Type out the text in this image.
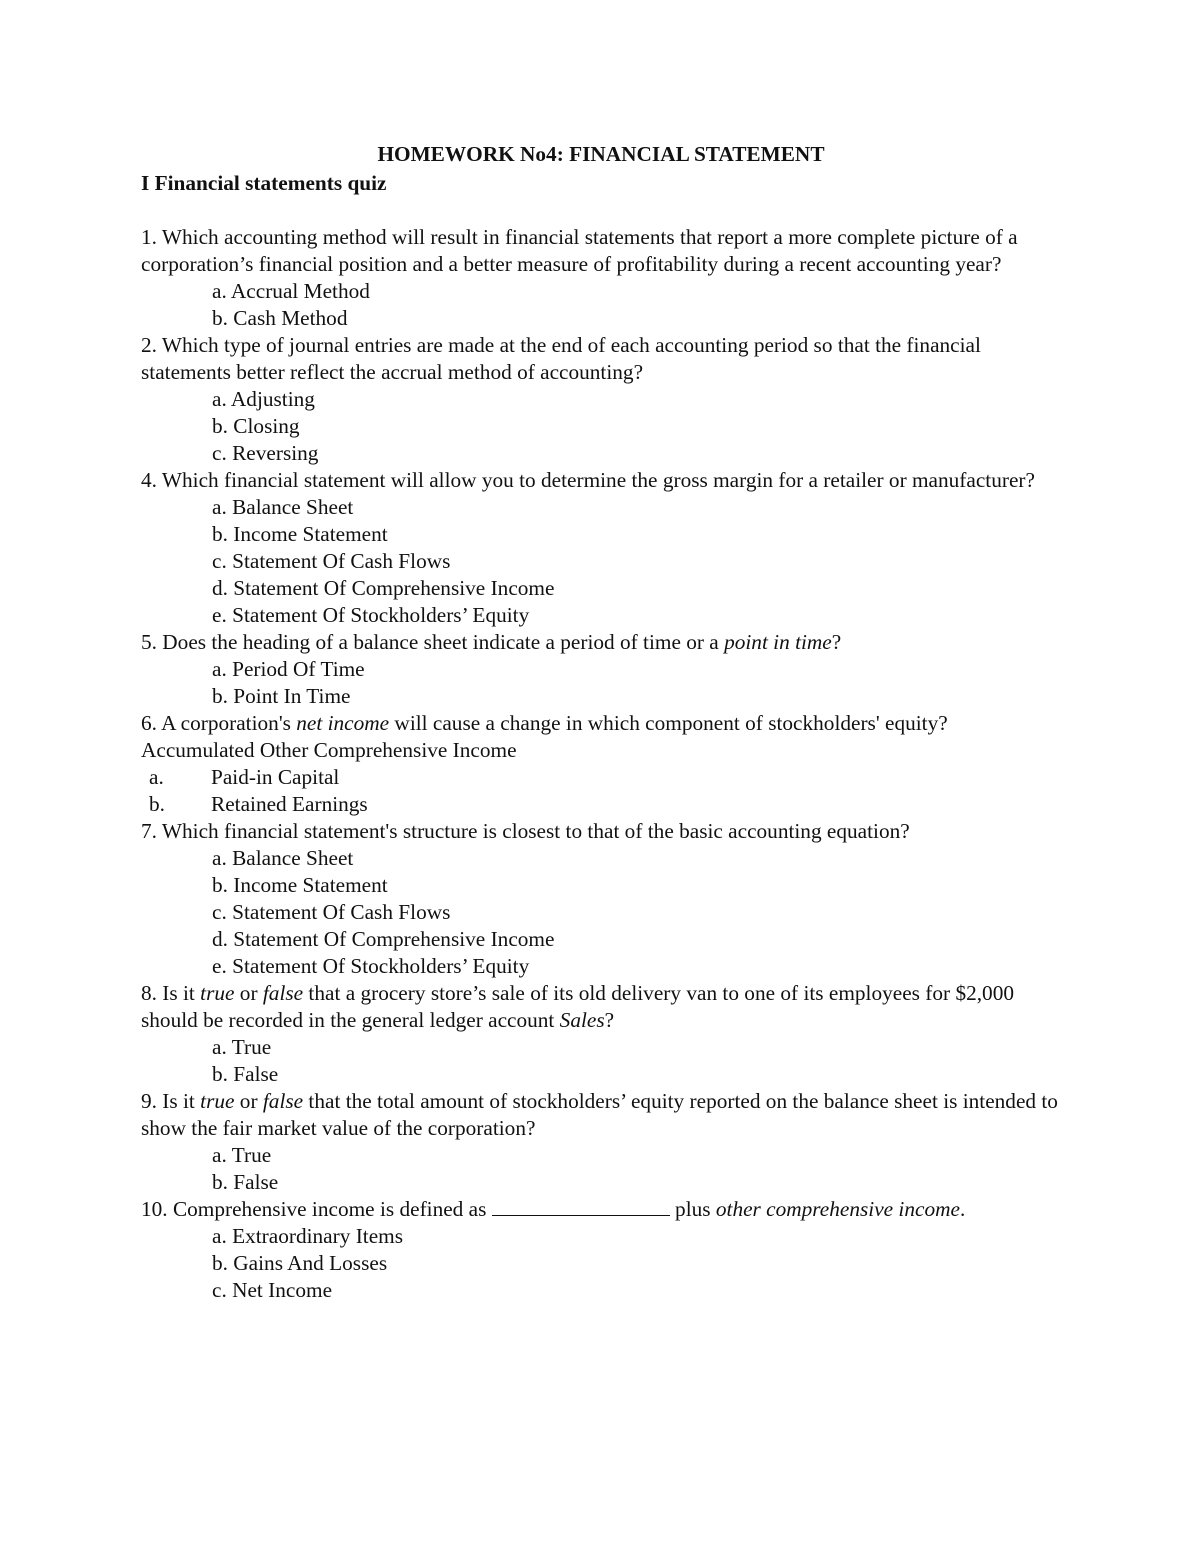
HOMEWORK No4: FINANCIAL STATEMENT

I Financial statements quiz

1. Which accounting method will result in financial statements that report a more complete picture of a corporation’s financial position and a better measure of profitability during a recent accounting year?

a. Accrual Method

b. Cash Method

2. Which type of journal entries are made at the end of each accounting period so that the financial statements better reflect the accrual method of accounting?

a. Adjusting

b. Closing

c. Reversing

4. Which financial statement will allow you to determine the gross margin for a retailer or manufacturer?

a. Balance Sheet

b. Income Statement

c. Statement Of Cash Flows

d. Statement Of Comprehensive Income

e. Statement Of Stockholders’ Equity

5. Does the heading of a balance sheet indicate a period of time or a point in time?

a. Period Of Time

b. Point In Time

6. A corporation's net income will cause a change in which component of stockholders' equity?

Accumulated Other Comprehensive Income

a. Paid-in Capital

b. Retained Earnings

7. Which financial statement's structure is closest to that of the basic accounting equation?

a. Balance Sheet

b. Income Statement

c. Statement Of Cash Flows

d. Statement Of Comprehensive Income

e. Statement Of Stockholders’ Equity

8. Is it true or false that a grocery store’s sale of its old delivery van to one of its employees for $2,000 should be recorded in the general ledger account Sales?

a. True

b. False

9. Is it true or false that the total amount of stockholders’ equity reported on the balance sheet is intended to show the fair market value of the corporation?

a. True

b. False

10. Comprehensive income is defined as	plus other comprehensive income.

a. Extraordinary Items

b. Gains And Losses

c. Net Income
